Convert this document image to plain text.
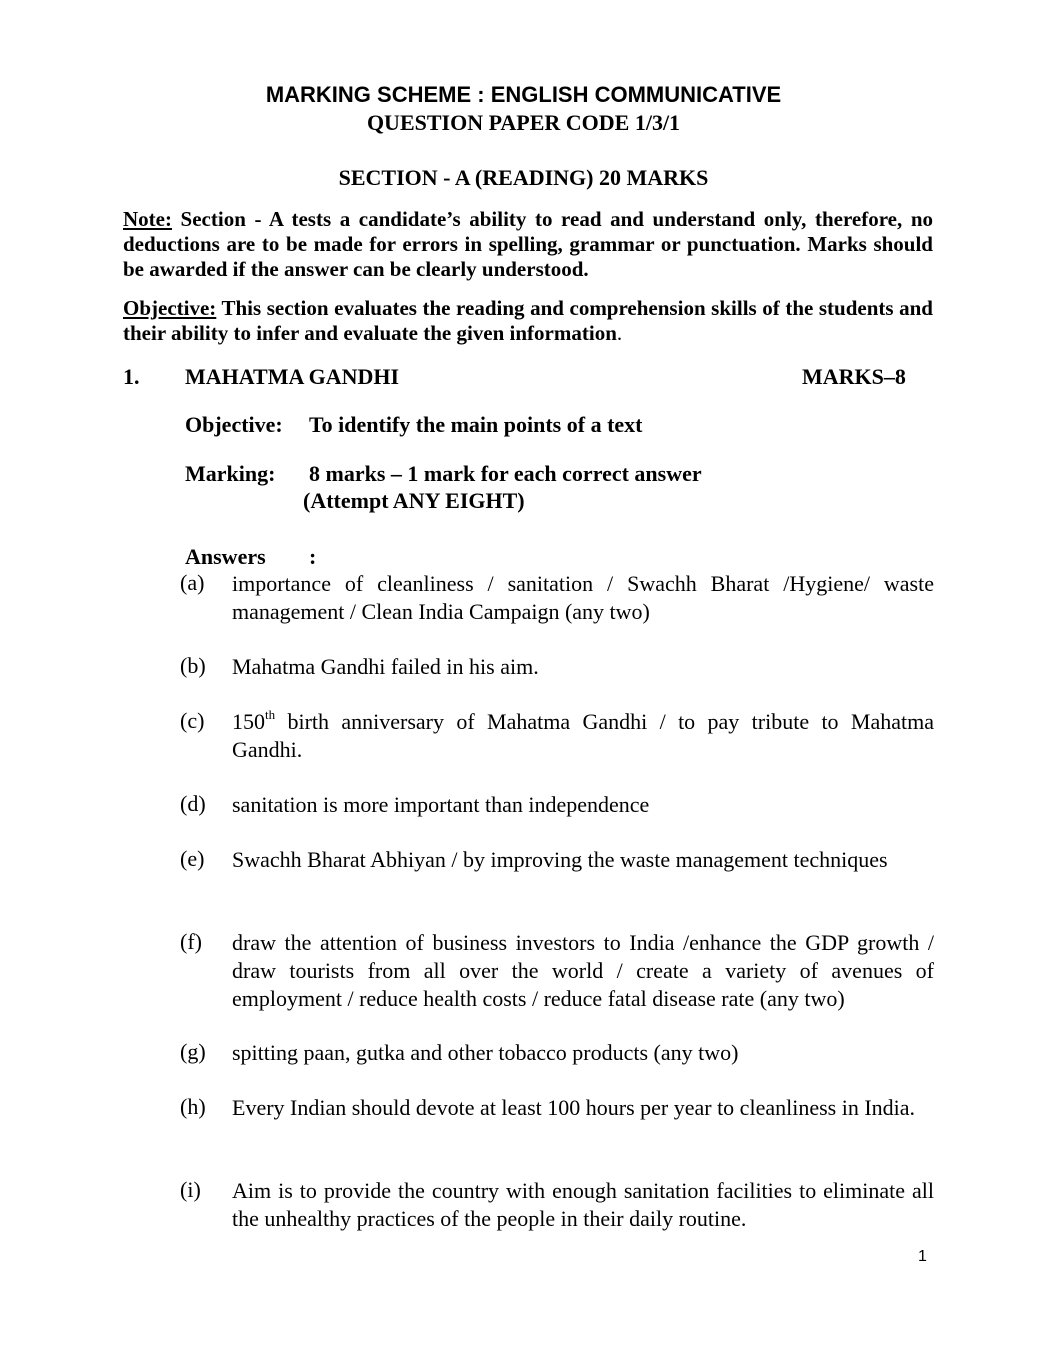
MARKING SCHEME : ENGLISH COMMUNICATIVE
QUESTION PAPER CODE 1/3/1
SECTION - A (READING) 20 MARKS

Note: Section - A tests a candidate’s ability to read and understand only, therefore, no deductions are to be made for errors in spelling, grammar or punctuation. Marks should be awarded if the answer can be clearly understood.

Objective: This section evaluates the reading and comprehension skills of the students and their ability to infer and evaluate the given information.

1. MAHATMA GANDHI	MARKS–8
Objective: To identify the main points of a text
Marking: 8 marks – 1 mark for each correct answer
(Attempt ANY EIGHT)
Answers :
(a) importance of cleanliness / sanitation / Swachh Bharat /Hygiene/ waste management / Clean India Campaign (any two)

(b) Mahatma Gandhi failed in his aim.

(c) 150th birth anniversary of Mahatma Gandhi / to pay tribute to Mahatma Gandhi.

(d) sanitation is more important than independence

(e) Swachh Bharat Abhiyan / by improving the waste management techniques

(f) draw the attention of business investors to India /enhance the GDP growth / draw tourists from all over the world / create a variety of avenues of employment / reduce health costs / reduce fatal disease rate (any two)

(g) spitting paan, gutka and other tobacco products (any two)

(h) Every Indian should devote at least 100 hours per year to cleanliness in India.

(i) Aim is to provide the country with enough sanitation facilities to eliminate all the unhealthy practices of the people in their daily routine.

1
